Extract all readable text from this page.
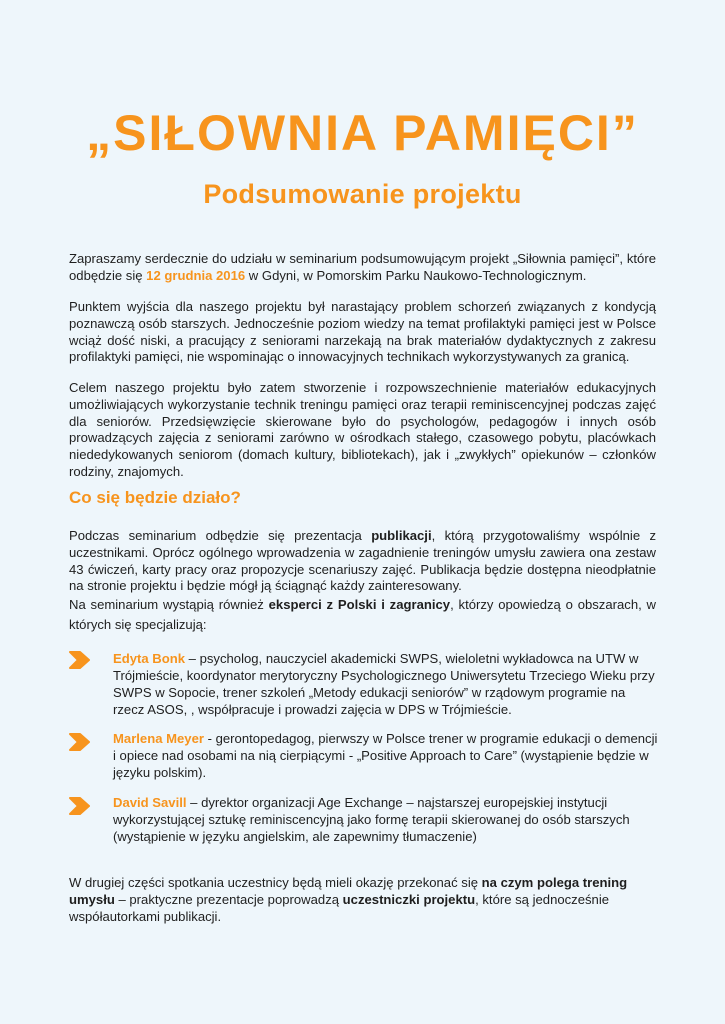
„SIŁOWNIA PAMIĘCI”
Podsumowanie projektu

Zapraszamy serdecznie do udziału w seminarium podsumowującym projekt „Siłownia pamięci”, które odbędzie się 12 grudnia 2016 w Gdyni, w Pomorskim Parku Naukowo-Technologicznym.

Punktem wyjścia dla naszego projektu był narastający problem schorzeń związanych z kondycją poznawczą osób starszych. Jednocześnie poziom wiedzy na temat profilaktyki pamięci jest w Polsce wciąż dość niski, a pracujący z seniorami narzekają na brak materiałów dydaktycznych z zakresu profilaktyki pamięci, nie wspominając o innowacyjnych technikach wykorzystywanych za granicą.

Celem naszego projektu było zatem stworzenie i rozpowszechnienie materiałów edukacyjnych umożliwiających wykorzystanie technik treningu pamięci oraz terapii reminiscencyjnej podczas zajęć dla seniorów. Przedsięwzięcie skierowane było do psychologów, pedagogów i innych osób prowadzących zajęcia z seniorami zarówno w ośrodkach stałego, czasowego pobytu, placówkach niededykowanych seniorom (domach kultury, bibliotekach), jak i „zwykłych” opiekunów – członków rodziny, znajomych.

Co się będzie działo?

Podczas seminarium odbędzie się prezentacja publikacji, którą przygotowaliśmy wspólnie z uczestnikami. Oprócz ogólnego wprowadzenia w zagadnienie treningów umysłu zawiera ona zestaw 43 ćwiczeń, karty pracy oraz propozycje scenariuszy zajęć. Publikacja będzie dostępna nieodpłatnie na stronie projektu i będzie mógł ją ściągnąć każdy zainteresowany.

Na seminarium wystąpią również eksperci z Polski i zagranicy, którzy opowiedzą o obszarach, w których się specjalizują:

Edyta Bonk – psycholog, nauczyciel akademicki SWPS, wieloletni wykładowca na UTW w Trójmieście, koordynator merytoryczny Psychologicznego Uniwersytetu Trzeciego Wieku przy SWPS w Sopocie, trener szkoleń „Metody edukacji seniorów” w rządowym programie na rzecz ASOS, , współpracuje i prowadzi zajęcia w DPS w Trójmieście.

Marlena Meyer - gerontopedagog, pierwszy w Polsce trener w programie edukacji o demencji i opiece nad osobami na nią cierpiącymi - „Positive Approach to Care” (wystąpienie będzie w języku polskim).

David Savill – dyrektor organizacji Age Exchange – najstarszej europejskiej instytucji wykorzystującej sztukę reminiscencyjną jako formę terapii skierowanej do osób starszych (wystąpienie w języku angielskim, ale zapewnimy tłumaczenie)

W drugiej części spotkania uczestnicy będą mieli okazję przekonać się na czym polega trening umysłu – praktyczne prezentacje poprowadzą uczestniczki projektu, które są jednocześnie współautorkami publikacji.
